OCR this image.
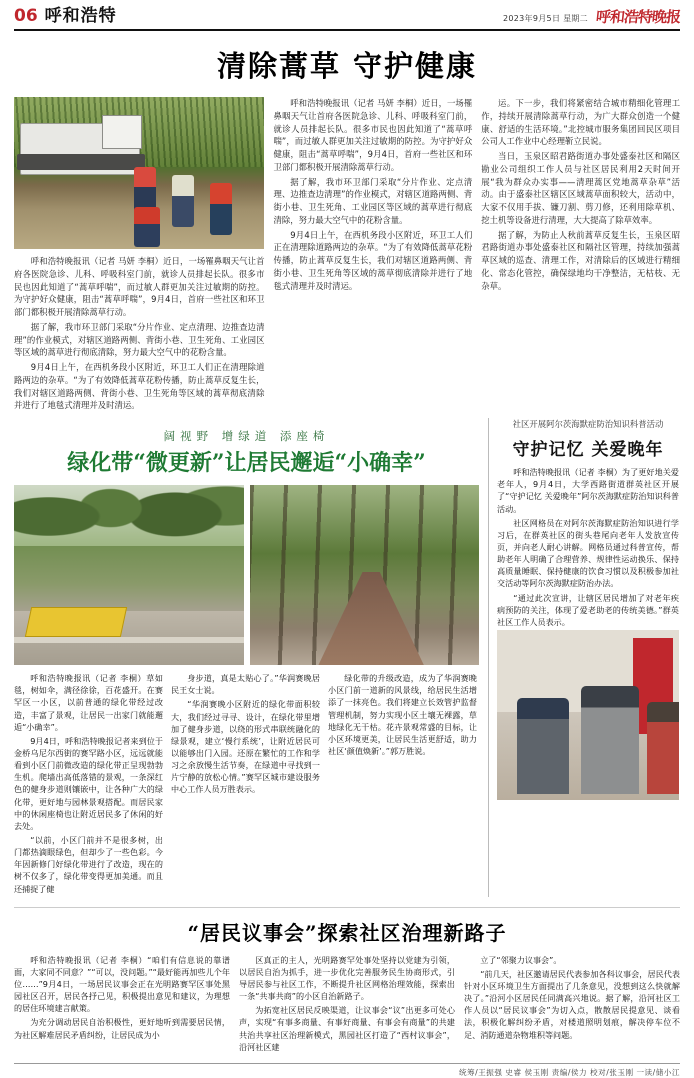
06 呼和浩特	2023年9月5日 星期二 呼和浩特晚报
清除蒿草 守护健康

呼和浩特晚报讯（记者 马妍 李桐）近日，一场罹鼻咽天气让首府各医院急诊、儿科、呼吸科室门前，就诊人员排起长队。很多市民也因此知道了“蒿草呼喘”，而过敏人群更加关注过敏期的防控。为守护好众健康，阻击“蒿草呼喘”，9月4日，首府一些社区和环卫部门都积极开展清除蒿草行动。

据了解，我市环卫部门采取“分片作业、定点清理、边推查边清理”的作业模式，对辖区道路两侧、背街小巷、卫生死角、工业园区等区域的蒿草进行彻底清除，努力最大空气中的花粉含量。

9月4日上午，在西机务段小区附近，环卫工人们正在清理除道路两边的杂草。“为了有效降低蒿草花粉传播，防止蒿草反复生长，我们对辖区道路两侧、背街小巷、卫生死角等区域的蒿草彻底清除并进行了地毯式清理并及时清运。

呼和浩特晚报讯（记者 马妍 李桐）近日，一场罹鼻咽天气让首府各医院急诊、儿科、呼吸科室门前，就诊人员排起长队。很多市民也因此知道了“蒿草呼喘”，而过敏人群更加关注过敏期的防控。为守护好众健康，阻击“蒿草呼喘”，9月4日，首府一些社区和环卫部门都积极开展清除蒿草行动。

据了解，我市环卫部门采取“分片作业、定点清理、边推查边清理”的作业模式，对辖区道路两侧、背街小巷、卫生死角、工业园区等区域的蒿草进行彻底清除，努力最大空气中的花粉含量。

9月4日上午，在西机务段小区附近，环卫工人们正在清理除道路两边的杂草。“为了有效降低蒿草花粉传播，防止蒿草反复生长，我们对辖区道路两侧、背街小巷、卫生死角等区域的蒿草彻底清除并进行了地毯式清理并及时清运。

运。下一步，我们将紧密结合城市精细化管理工作，持续开展清除蒿草行动，为广大群众创造一个健康、舒适的生活环境。”北控城市服务集团回民区项目公司人工作业中心经理靳立民说。

当日，玉泉区昭君路街道办事处盛泰社区和隔区勘业公司组织工作人员与社区居民利用2天时间开展“我为群众办实事——清理蒿区党地蒿草杂草”活动。由于盛泰社区辖区区域蒿草面积较大，活动中，大家不仅用手拔、镰刀割、剪刀修，还利用除草机、挖土机等设备进行清理，大大提高了除草效率。

据了解，为防止人秋前蒿草反复生长，玉泉区昭君路街道办事处盛泰社区和隔社区管理，持续加强蒿草区域的巡查、清理工作，对清除后的区域进行精细化、常态化管控，确保绿地均干净整洁，无枯枝、无杂草。

阔视野 增绿道 添座椅
绿化带“微更新”让居民邂逅“小确幸”

呼和浩特晚报讯（记者 李桐）草如毯，树如伞，满径徐徐，百花盛开。在赛罕区一小区，以前普通的绿化带经过改造，丰富了景观，让居民一出家门就能邂逅“小确幸”。

9月4日，呼和浩特晚报记者来到位于金桥乌尼尔西街的赛罕路小区，远远就能看到小区门前微改造的绿化带正呈现勃勃生机。爬墙出高低落错的景观，一条深红色的健身步道则镶嵌中，让各种广大的绿化带，更好地与园林景观搭配。而居民家中的休闲座椅也让附近居民多了休闲的好去处。

“以前，小区门前并不是很多树，出门都热滴眼绿色，但却少了一些色彩。今年因新修门好绿化带进行了改造，现在的树不仅多了，绿化带变得更加美通。而且还捕捉了健

身步道，真是太贴心了。”华润赛晚居民王女士说。

“华润赛晚小区附近的绿化带面积较大，我们经过寻寻、设计，在绿化带里增加了健身步道，以绕的形式串联统融化的绿景观，建立‘慢行系统’，让附近居民可以能够出门入园。还原在繁忙的工作和学习之余放慢生活节奏，在绿道中寻找到一片宁静的放松心情。”赛罕区城市建设服务中心工作人员万胜表示。

绿化带的升级改造，成为了华润赛晚小区门前一道新的风景线，给居民生活增添了一抹亮色。我们将建立长效管护监督管理机制，努力实现小区土壤无裸露，草地绿化无干枯。花卉景观常盛的目标，让小区环境更美，让居民生活更舒适，助力社区‘颜值焕新’。”郭万胜说。

社区开展阿尔茨海默症防治知识科普活动
守护记忆 关爱晚年

呼和浩特晚报讯（记者 李桐）为了更好地关爱老年人，9月4日，大学西路街道群英社区开展了“守护记忆 关爱晚年”阿尔茨海默症防治知识科普活动。

社区网格员在对阿尔茨海默症防治知识进行学习后，在群英社区的街头巷尾向老年人发放宣传页，并向老人耐心讲解。网格员通过科普宣传，帮助老年人明确了合理营养、规律性运动换乐、保持高质量睡眠、保持健康的饮食习惯以及积极参加社交活动等阿尔茨海默症防治办法。

“通过此次宣讲，让辖区居民增加了对老年疾病预防的关注，体现了爱老助老的传统美德。”群英社区工作人员表示。

“居民议事会”探索社区治理新路子

呼和浩特晚报讯（记者 李桐）“咱们有信息说的靠谱面，大家同不同意？”“可以，没问题。”“最好能再加些儿个年位……”9月4日，一场居民议事会正在光明路赛罕区事处黑园社区召开，居民各抒己见，积极提出意见和建议，为理想的居住环境建言献策。

为充分调动居民自治积极性，更好地听到需要居民情，为社区解难居民矛盾纠纷，让居民成为小

区真正的主人，光明路赛罕处事处坚持以党建为引领，以居民自治为抓手，进一步优化完善服务民生协商形式，引导居民参与社区工作，不断提升社区网格治理效能，探索出一条“共事共商”的小区自治新路子。

为拓宽社区居民反映渠道，让议事会“议”出更多可处心声，实现“有事多商量、有事好商量、有事会有商量”的共建共治共享社区治理新模式，黑园社区打造了“西村议事会”，沿河社区建

立了“邻聚力议事会”。

“前几天，社区邀请居民代表参加各科议事会，居民代表针对小区环境卫生方面提出了几条意见，没想到这么快就解决了。”沿河小区居民任同满高兴地说。据了解，沿河社区工作人员以“居民议事会”为切入点，散散居民提意见、谈看法，积极化解纠纷矛盾，对楼道照明划痕，解决停车位不足、消防通道杂物堆积等问题。

统筹/王振强 史睿 侯玉刚 责编/侯力 校对/张玉刚 一读/储小江
